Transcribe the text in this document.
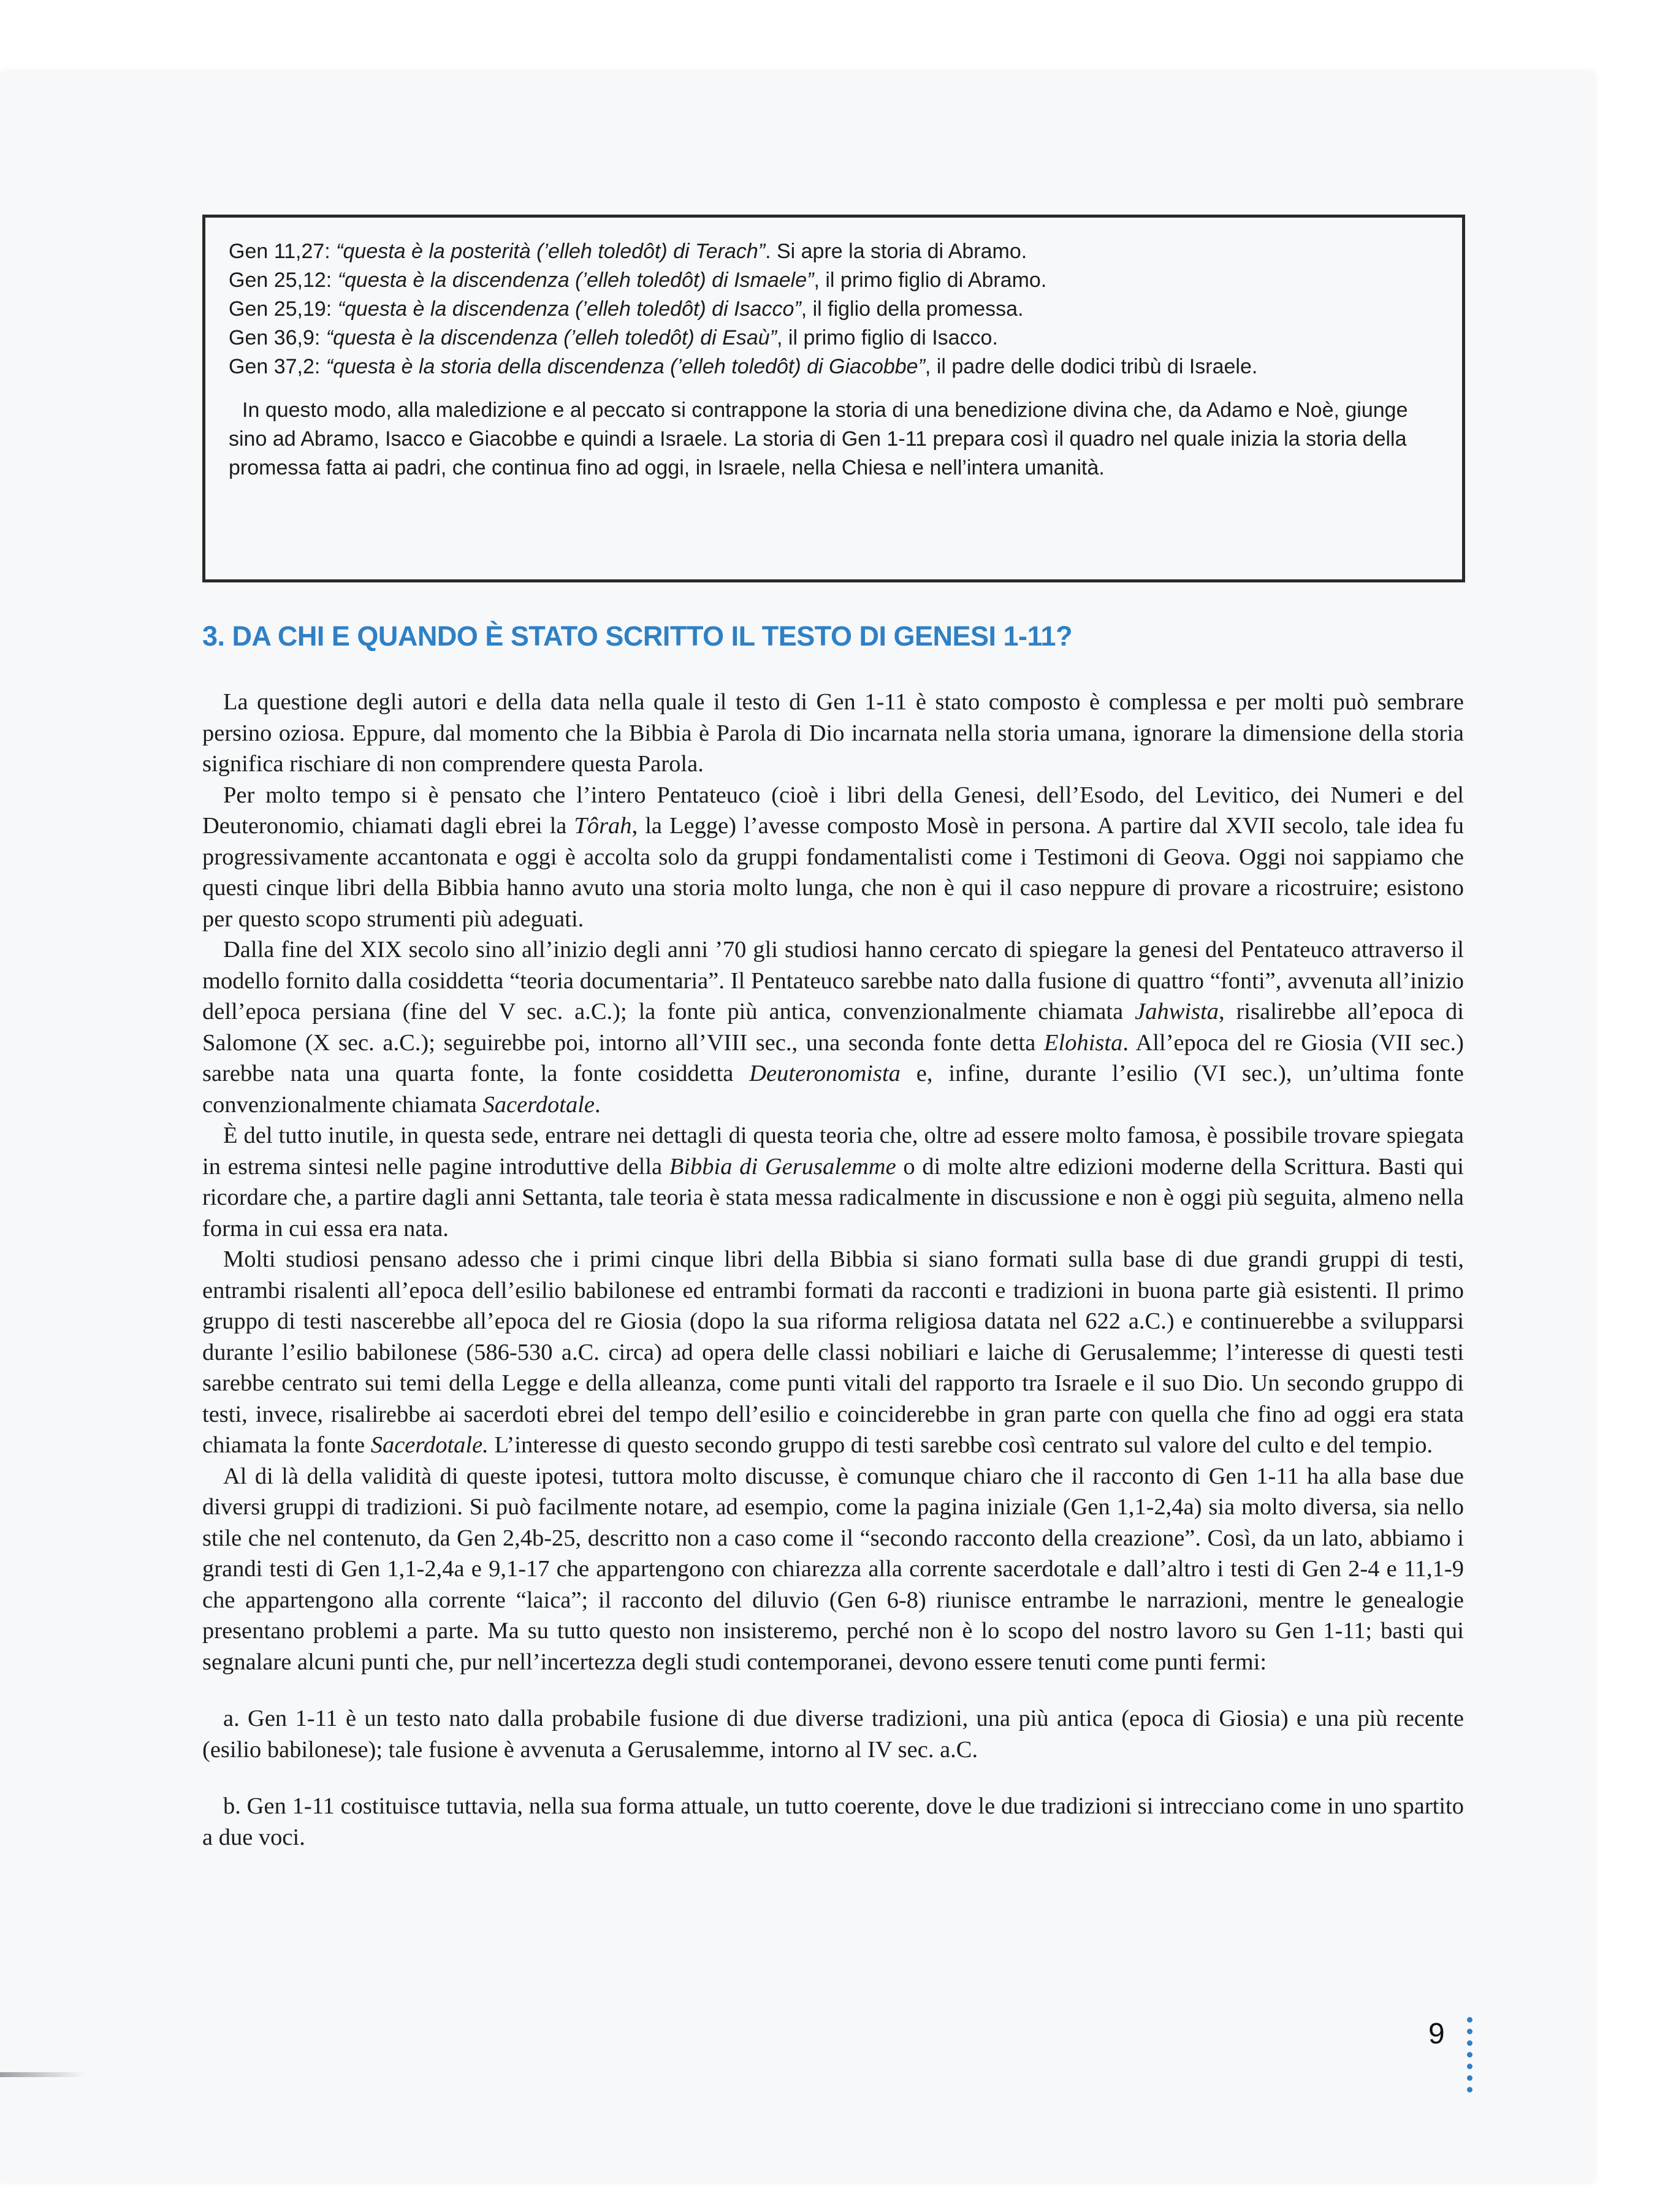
Gen 11,27: “questa è la posterità (’elleh toledôt) di Terach”. Si apre la storia di Abramo.

Gen 25,12: “questa è la discendenza (’elleh toledôt) di Ismaele”, il primo figlio di Abramo.

Gen 25,19: “questa è la discendenza (’elleh toledôt) di Isacco”, il figlio della promessa.

Gen 36,9: “questa è la discendenza (’elleh toledôt) di Esaù”, il primo figlio di Isacco.

Gen 37,2: “questa è la storia della discendenza (’elleh toledôt) di Giacobbe”, il padre delle dodici tribù di Israele.

In questo modo, alla maledizione e al peccato si contrappone la storia di una benedizione divina che, da Adamo e Noè, giunge sino ad Abramo, Isacco e Giacobbe e quindi a Israele. La storia di Gen 1-11 prepara così il quadro nel quale inizia la storia della promessa fatta ai padri, che continua fino ad oggi, in Israele, nella Chiesa e nell’intera umanità.

3. DA CHI E QUANDO È STATO SCRITTO IL TESTO DI GENESI 1-11?

La questione degli autori e della data nella quale il testo di Gen 1-11 è stato composto è complessa e per molti può sembrare persino oziosa. Eppure, dal momento che la Bibbia è Parola di Dio incarnata nella storia umana, ignorare la dimensione della storia significa rischiare di non comprendere questa Parola.

Per molto tempo si è pensato che l’intero Pentateuco (cioè i libri della Genesi, dell’Esodo, del Levitico, dei Numeri e del Deuteronomio, chiamati dagli ebrei la Tôrah, la Legge) l’avesse composto Mosè in persona. A partire dal XVII secolo, tale idea fu progressivamente accantonata e oggi è accolta solo da gruppi fondamentalisti come i Testimoni di Geova. Oggi noi sappiamo che questi cinque libri della Bibbia hanno avuto una storia molto lunga, che non è qui il caso neppure di provare a ricostruire; esistono per questo scopo strumenti più adeguati.

Dalla fine del XIX secolo sino all’inizio degli anni ’70 gli studiosi hanno cercato di spiegare la genesi del Pentateuco attraverso il modello fornito dalla cosiddetta “teoria documentaria”. Il Pentateuco sarebbe nato dalla fusione di quattro “fonti”, avvenuta all’inizio dell’epoca persiana (fine del V sec. a.C.); la fonte più antica, convenzionalmente chiamata Jahwista, risalirebbe all’epoca di Salomone (X sec. a.C.); seguirebbe poi, intorno all’VIII sec., una seconda fonte detta Elohista. All’epoca del re Giosia (VII sec.) sarebbe nata una quarta fonte, la fonte cosiddetta Deuteronomista e, infine, durante l’esilio (VI sec.), un’ultima fonte convenzionalmente chiamata Sacerdotale.

È del tutto inutile, in questa sede, entrare nei dettagli di questa teoria che, oltre ad essere molto famosa, è possibile trovare spiegata in estrema sintesi nelle pagine introduttive della Bibbia di Gerusalemme o di molte altre edizioni moderne della Scrittura. Basti qui ricordare che, a partire dagli anni Settanta, tale teoria è stata messa radicalmente in discussione e non è oggi più seguita, almeno nella forma in cui essa era nata.

Molti studiosi pensano adesso che i primi cinque libri della Bibbia si siano formati sulla base di due grandi gruppi di testi, entrambi risalenti all’epoca dell’esilio babilonese ed entrambi formati da racconti e tradizioni in buona parte già esistenti. Il primo gruppo di testi nascerebbe all’epoca del re Giosia (dopo la sua riforma religiosa datata nel 622 a.C.) e continuerebbe a svilupparsi durante l’esilio babilonese (586-530 a.C. circa) ad opera delle classi nobiliari e laiche di Gerusalemme; l’interesse di questi testi sarebbe centrato sui temi della Legge e della alleanza, come punti vitali del rapporto tra Israele e il suo Dio. Un secondo gruppo di testi, invece, risalirebbe ai sacerdoti ebrei del tempo dell’esilio e coinciderebbe in gran parte con quella che fino ad oggi era stata chiamata la fonte Sacerdotale. L’interesse di questo secondo gruppo di testi sarebbe così centrato sul valore del culto e del tempio.

Al di là della validità di queste ipotesi, tuttora molto discusse, è comunque chiaro che il racconto di Gen 1-11 ha alla base due diversi gruppi di tradizioni. Si può facilmente notare, ad esempio, come la pagina iniziale (Gen 1,1-2,4a) sia molto diversa, sia nello stile che nel contenuto, da Gen 2,4b-25, descritto non a caso come il “secondo racconto della creazione”. Così, da un lato, abbiamo i grandi testi di Gen 1,1-2,4a e 9,1-17 che appartengono con chiarezza alla corrente sacerdotale e dall’altro i testi di Gen 2-4 e 11,1-9 che appartengono alla corrente “laica”; il racconto del diluvio (Gen 6-8) riunisce entrambe le narrazioni, mentre le genealogie presentano problemi a parte. Ma su tutto questo non insisteremo, perché non è lo scopo del nostro lavoro su Gen 1-11; basti qui segnalare alcuni punti che, pur nell’incertezza degli studi contemporanei, devono essere tenuti come punti fermi:

a. Gen 1-11 è un testo nato dalla probabile fusione di due diverse tradizioni, una più antica (epoca di Giosia) e una più recente (esilio babilonese); tale fusione è avvenuta a Gerusalemme, intorno al IV sec. a.C.

b. Gen 1-11 costituisce tuttavia, nella sua forma attuale, un tutto coerente, dove le due tradizioni si intrecciano come in uno spartito a due voci.

9
